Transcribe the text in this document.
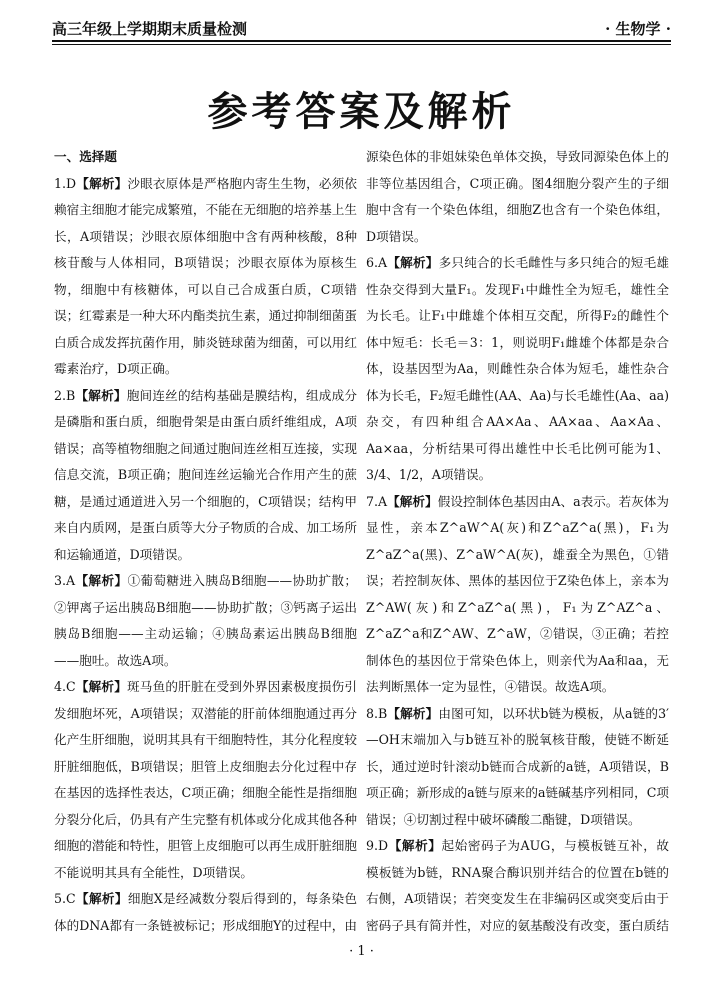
高三年级上学期期末质量检测	· 生物学 ·
参考答案及解析
一、选择题

1.D【解析】沙眼衣原体是严格胞内寄生生物，必须依赖宿主细胞才能完成繁殖，不能在无细胞的培养基上生长，A项错误；沙眼衣原体细胞中含有两种核酸，8种核苷酸与人体相同，B项错误；沙眼衣原体为原核生物，细胞中有核糖体，可以自己合成蛋白质，C项错误；红霉素是一种大环内酯类抗生素，通过抑制细菌蛋白质合成发挥抗菌作用，肺炎链球菌为细菌，可以用红霉素治疗，D项正确。

2.B【解析】胞间连丝的结构基础是膜结构，组成成分是磷脂和蛋白质，细胞骨架是由蛋白质纤维组成，A项错误；高等植物细胞之间通过胞间连丝相互连接，实现信息交流，B项正确；胞间连丝运输光合作用产生的蔗糖，是通过通道进入另一个细胞的，C项错误；结构甲来自内质网，是蛋白质等大分子物质的合成、加工场所和运输通道，D项错误。

3.A【解析】①葡萄糖进入胰岛B细胞——协助扩散；②钾离子运出胰岛B细胞——协助扩散；③钙离子运出胰岛B细胞——主动运输；④胰岛素运出胰岛B细胞——胞吐。故选A项。

4.C【解析】斑马鱼的肝脏在受到外界因素极度损伤引发细胞坏死，A项错误；双潜能的肝前体细胞通过再分化产生肝细胞，说明其具有干细胞特性，其分化程度较肝脏细胞低，B项错误；胆管上皮细胞去分化过程中存在基因的选择性表达，C项正确；细胞全能性是指细胞分裂分化后，仍具有产生完整有机体或分化成其他各种细胞的潜能和特性，胆管上皮细胞可以再生成肝脏细胞不能说明其具有全能性，D项错误。

5.C【解析】细胞X是经减数分裂后得到的，每条染色体的DNA都有一条链被标记；形成细胞Y的过程中，由

源染色体的非姐妹染色单体交换，导致同源染色体上的非等位基因组合，C项正确。图4细胞分裂产生的子细胞中含有一个染色体组，细胞Z也含有一个染色体组，D项错误。

6.A【解析】多只纯合的长毛雌性与多只纯合的短毛雄性杂交得到大量F₁。发现F₁中雌性全为短毛，雄性全为长毛。让F₁中雌雄个体相互交配，所得F₂的雌性个体中短毛：长毛＝3：1，则说明F₁雌雄个体都是杂合体，设基因型为Aa，则雌性杂合体为短毛，雄性杂合体为长毛，F₂短毛雌性(AA、Aa)与长毛雄性(Aa、aa)杂交，有四种组合AA×Aa、AA×aa、Aa×Aa、Aa×aa，分析结果可得出雄性中长毛比例可能为1、3/4、1/2，A项错误。

7.A【解析】假设控制体色基因由A、a表示。若灰体为显性，亲本Z^aW^A(灰)和Z^aZ^a(黑)，F₁为Z^aZ^a(黑)、Z^aW^A(灰)，雄蚕全为黑色，①错误；若控制灰体、黑体的基因位于Z染色体上，亲本为Z^AW(灰)和Z^aZ^a(黑)，F₁为Z^AZ^a、Z^aZ^a和Z^AW、Z^aW，②错误，③正确；若控制体色的基因位于常染色体上，则亲代为Aa和aa，无法判断黑体一定为显性，④错误。故选A项。

8.B【解析】由图可知，以环状b链为模板，从a链的3′—OH末端加入与b链互补的脱氧核苷酸，使链不断延长，通过逆时针滚动b链而合成新的a链，A项错误，B项正确；新形成的a链与原来的a链碱基序列相同，C项错误；④切割过程中破坏磷酸二酯键，D项错误。

9.D【解析】起始密码子为AUG，与模板链互补，故模板链为b链，RNA聚合酶识别并结合的位置在b链的右侧，A项错误；若突变发生在非编码区或突变后由于密码子具有简并性，对应的氨基酸没有改变，蛋白质结

· 1 ·
